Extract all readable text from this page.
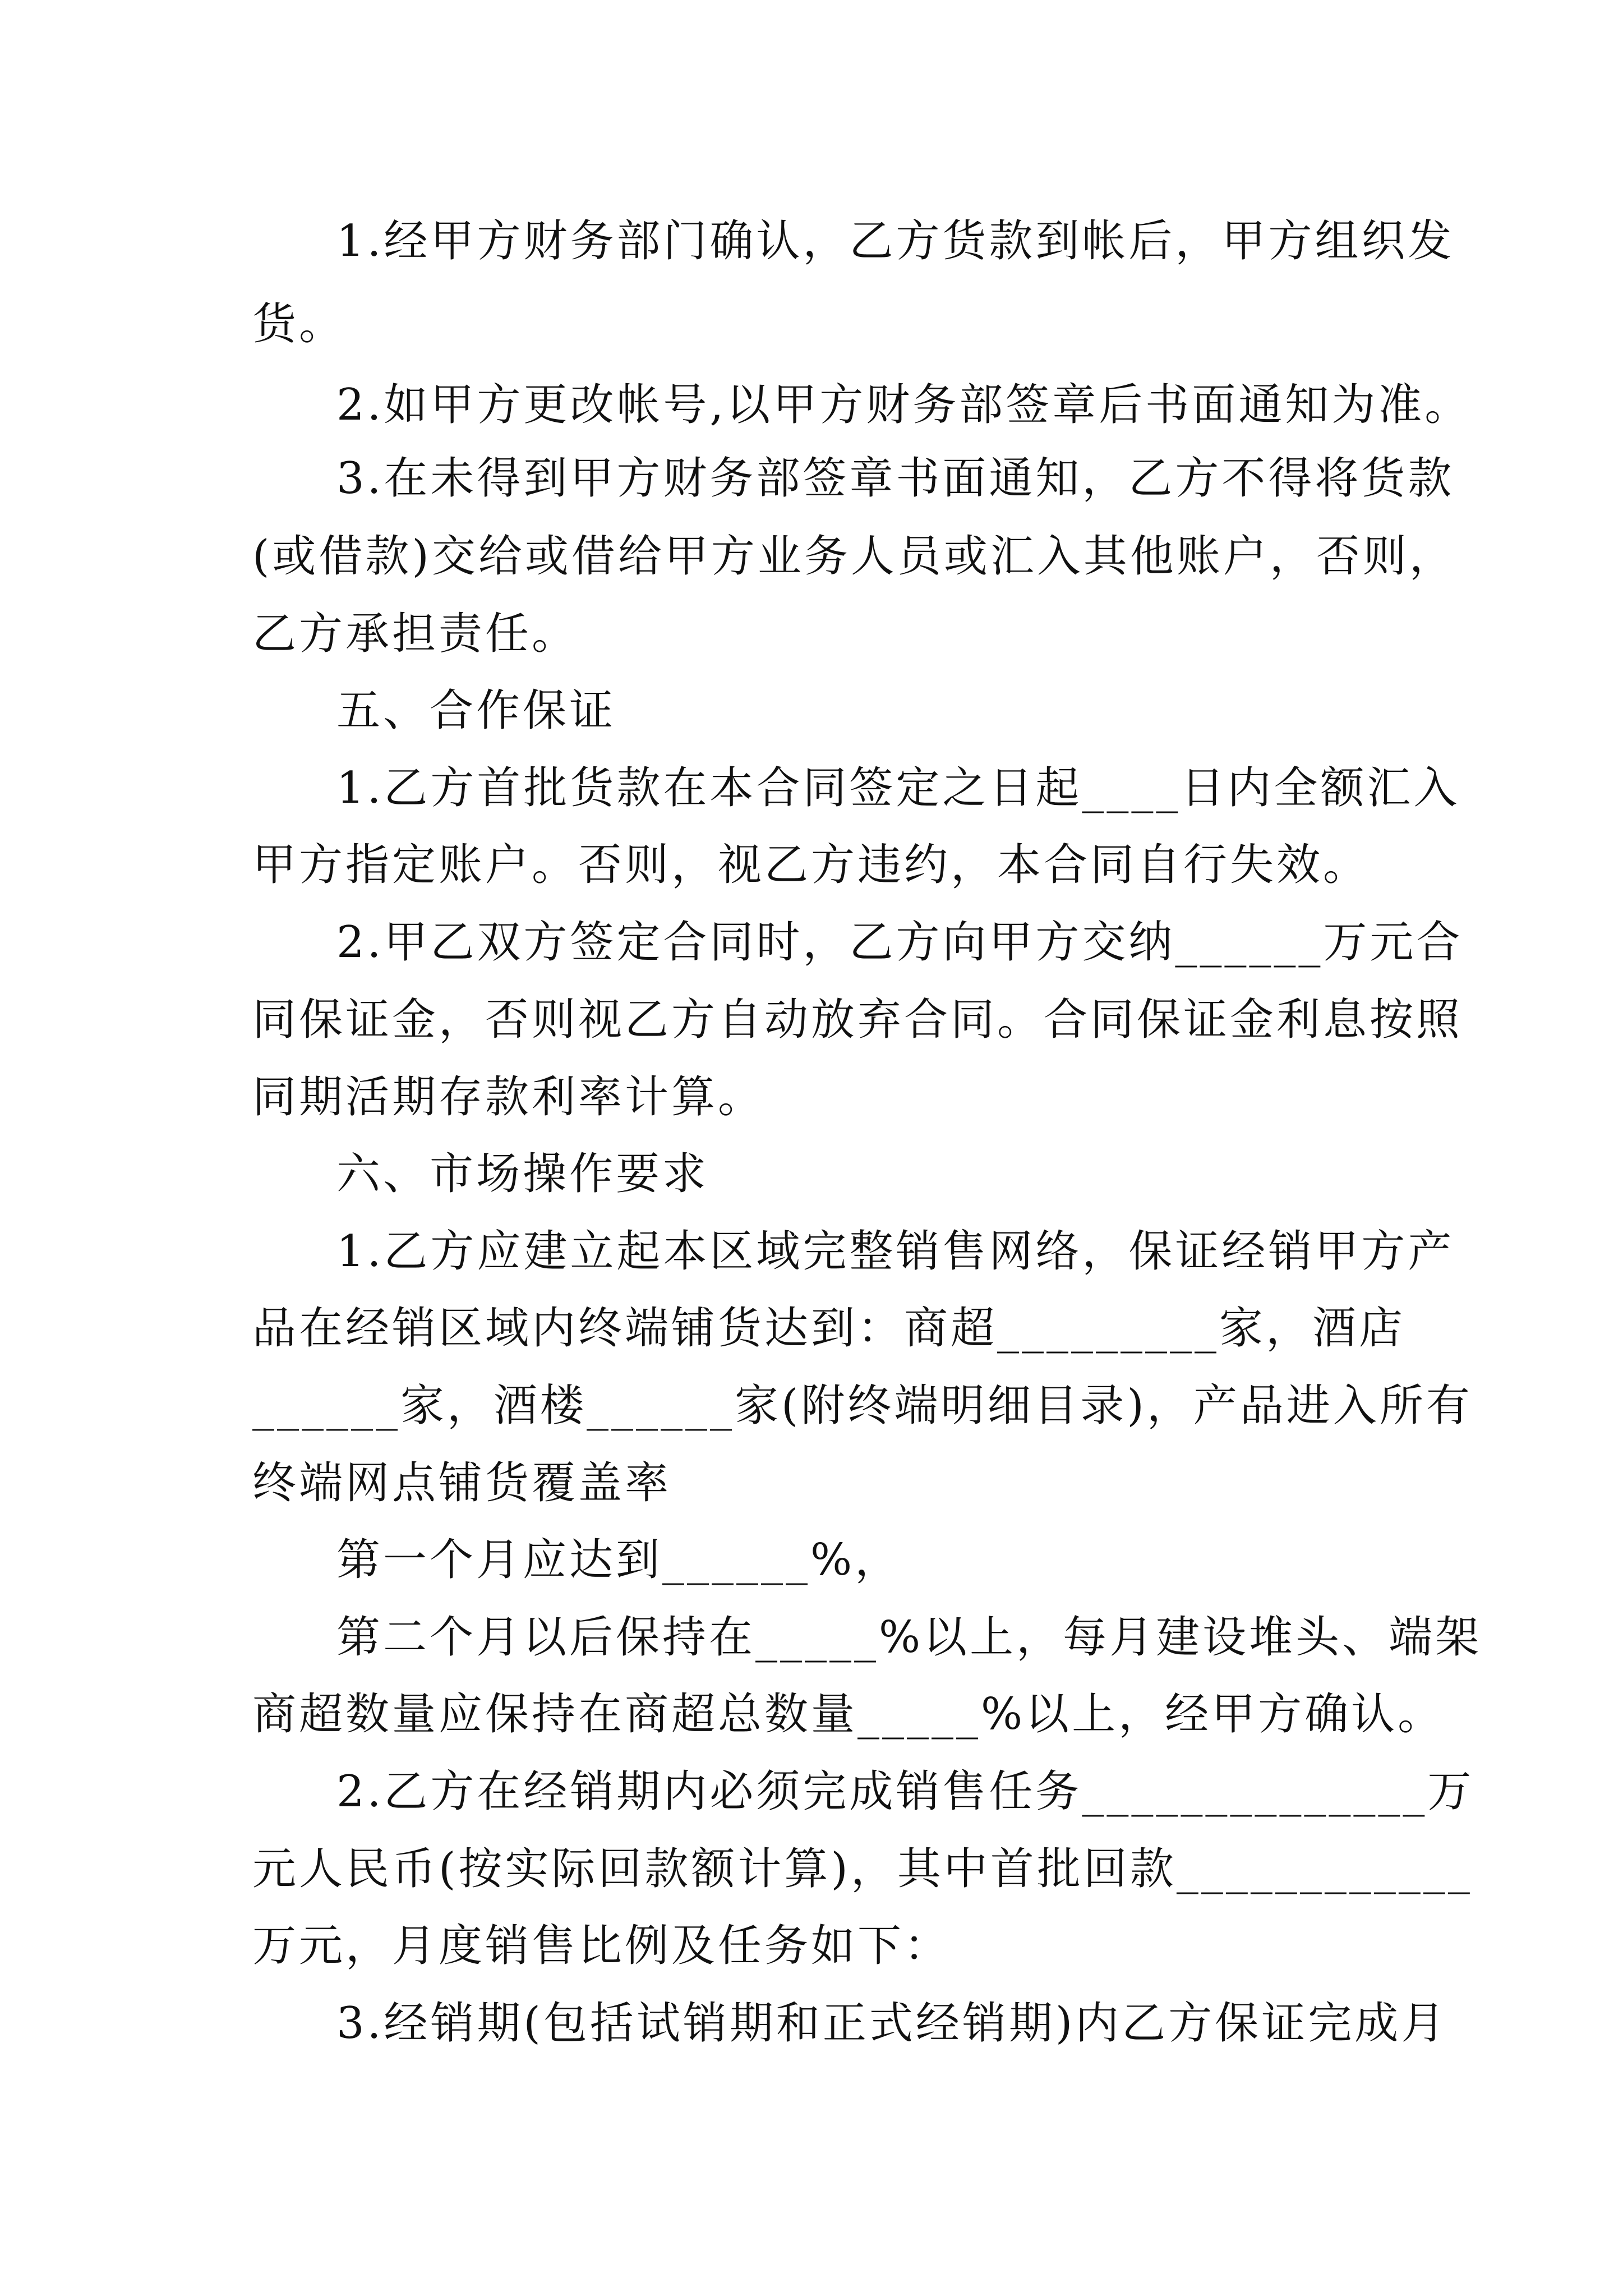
1.经甲方财务部门确认，乙方货款到帐后，甲方组织发
货。
2.如甲方更改帐号,以甲方财务部签章后书面通知为准。
3.在未得到甲方财务部签章书面通知，乙方不得将货款
(或借款)交给或借给甲方业务人员或汇入其他账户，否则，
乙方承担责任。
五、合作保证
1.乙方首批货款在本合同签定之日起____日内全额汇入
甲方指定账户。否则，视乙方违约，本合同自行失效。
2.甲乙双方签定合同时，乙方向甲方交纳______万元合
同保证金，否则视乙方自动放弃合同。合同保证金利息按照
同期活期存款利率计算。
六、市场操作要求
1.乙方应建立起本区域完整销售网络，保证经销甲方产
品在经销区域内终端铺货达到：商超_________家，酒店
______家，酒楼______家(附终端明细目录)，产品进入所有
终端网点铺货覆盖率
第一个月应达到______%，
第二个月以后保持在_____%以上，每月建设堆头、端架
商超数量应保持在商超总数量_____%以上，经甲方确认。
2.乙方在经销期内必须完成销售任务______________万
元人民币(按实际回款额计算)，其中首批回款____________
万元，月度销售比例及任务如下：
3.经销期(包括试销期和正式经销期)内乙方保证完成月
